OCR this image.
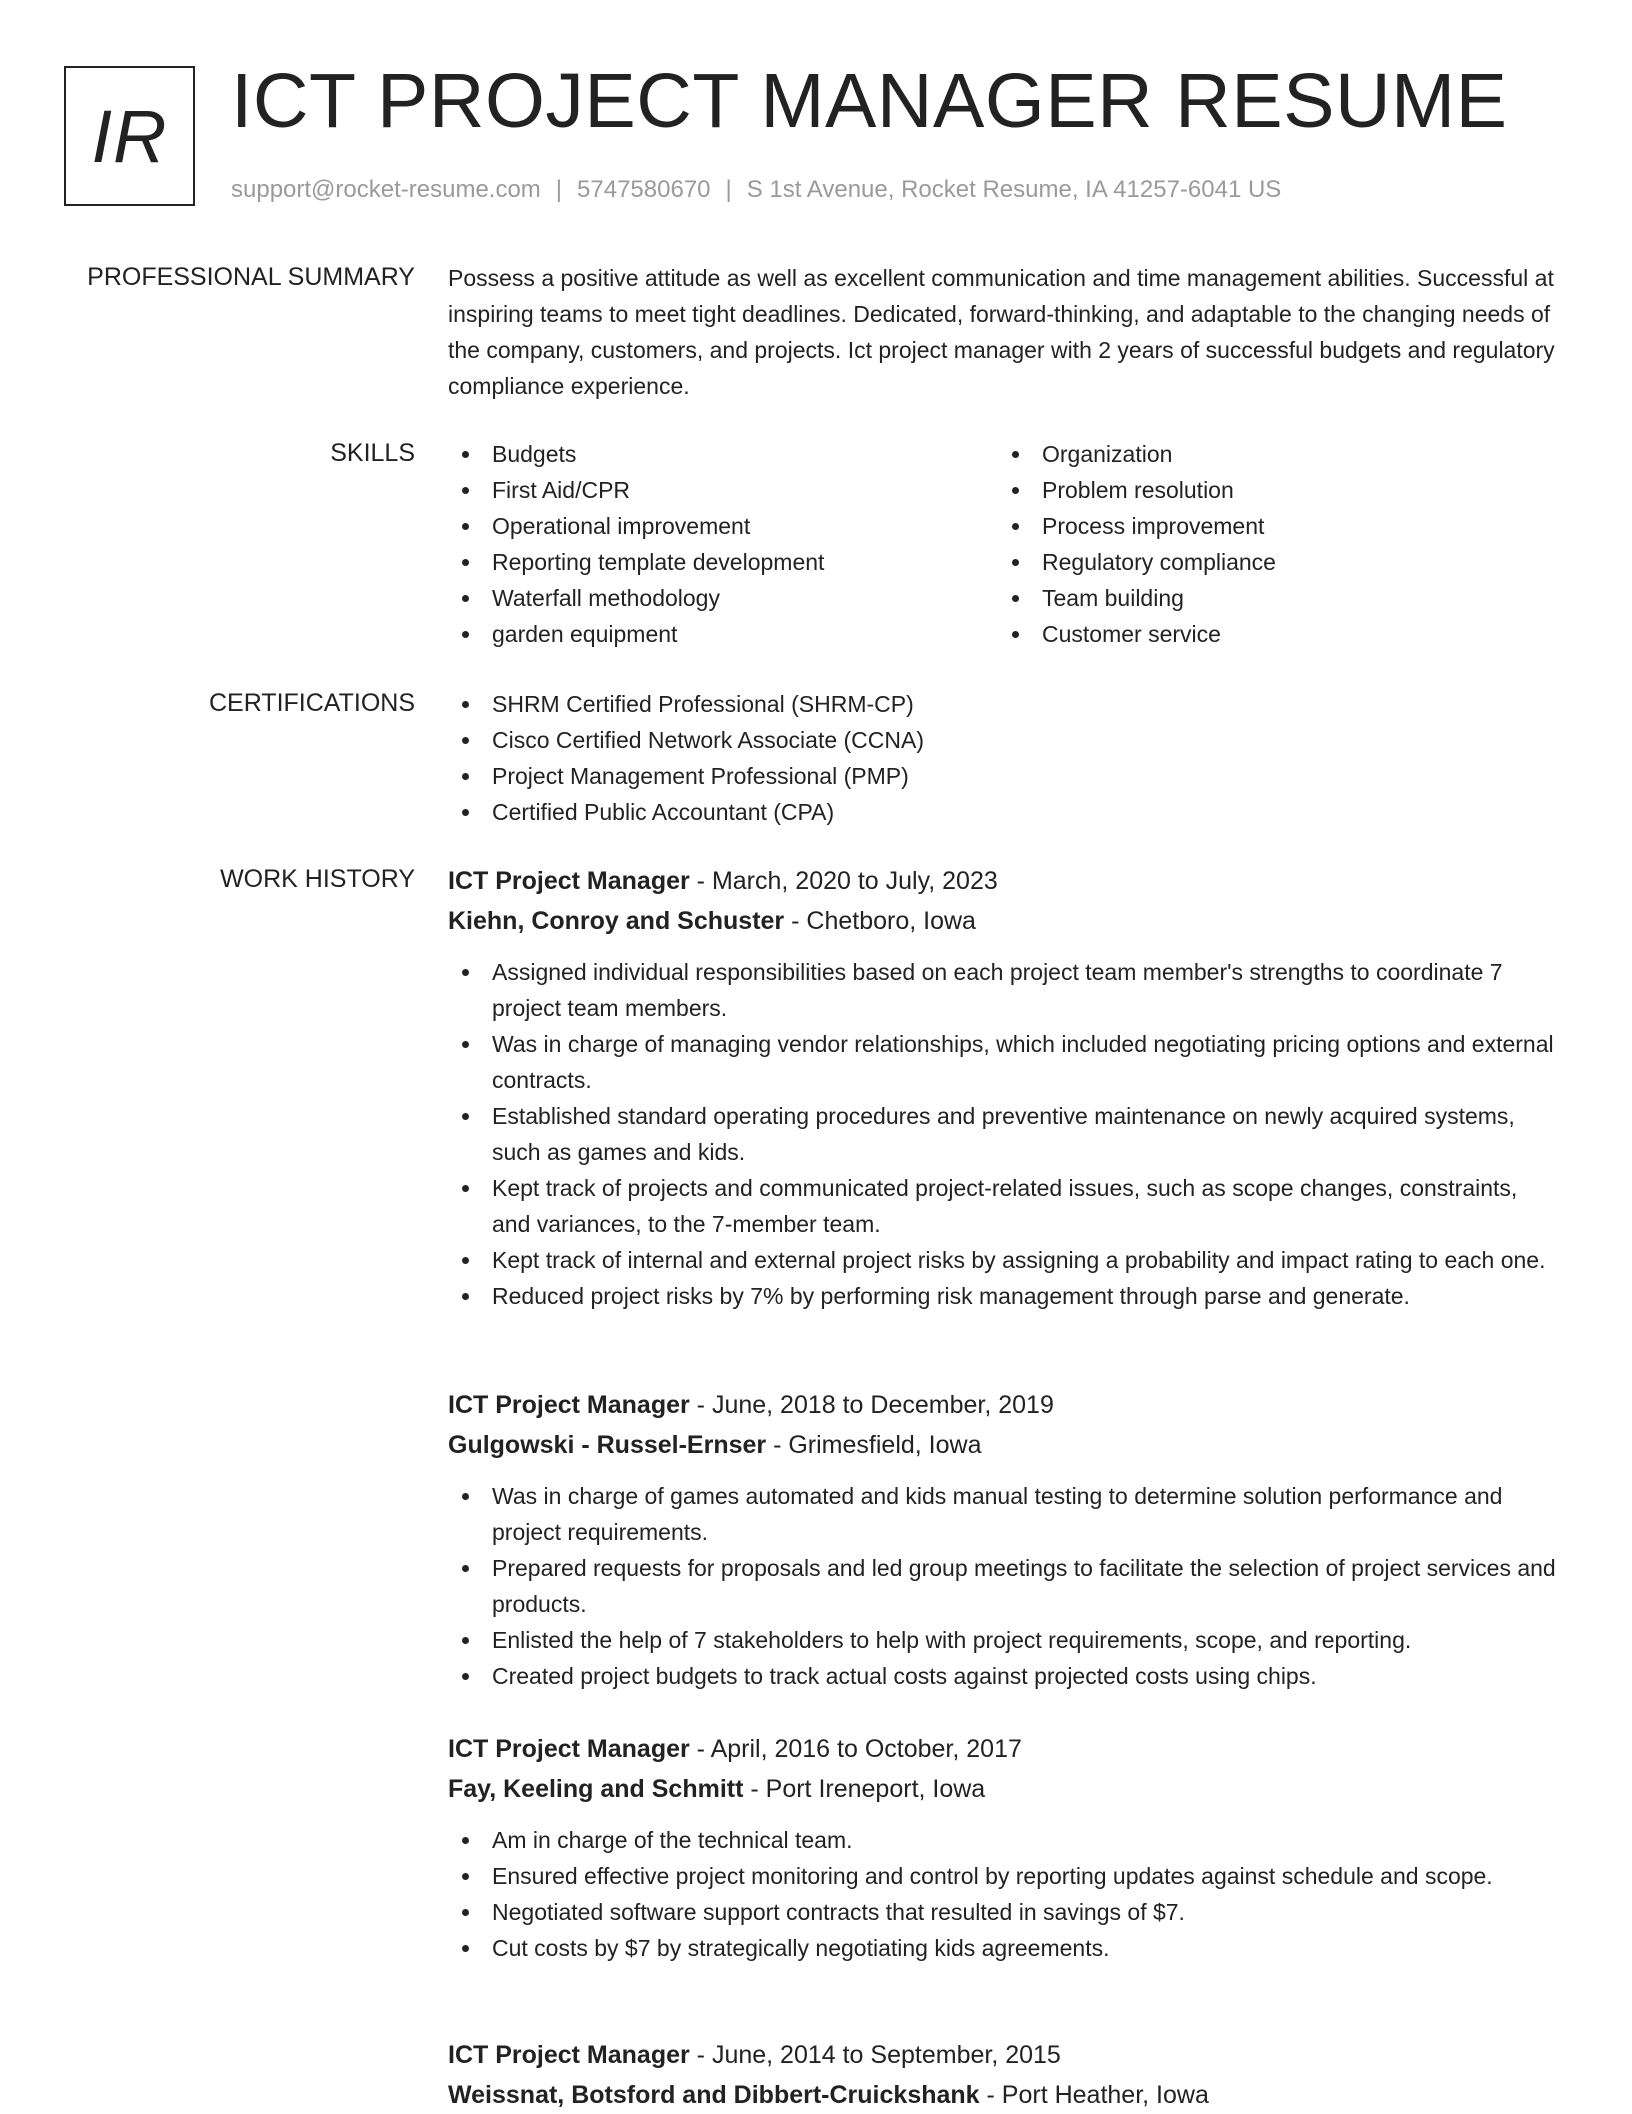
IR ICT PROJECT MANAGER RESUME
support@rocket-resume.com | 5747580670 | S 1st Avenue, Rocket Resume, IA 41257-6041 US
PROFESSIONAL SUMMARY Possess a positive attitude as well as excellent communication and time management abilities. Successful at inspiring teams to meet tight deadlines. Dedicated, forward-thinking, and adaptable to the changing needs of the company, customers, and projects. Ict project manager with 2 years of successful budgets and regulatory compliance experience.

SKILLS	Budgets
First Aid/CPR
Operational improvement
Reporting template development
Waterfall methodology
garden equipment
Organization
Problem resolution
Process improvement
Regulatory compliance
Team building
Customer service
CERTIFICATIONS	SHRM Certified Professional (SHRM-CP)
Cisco Certified Network Associate (CCNA)
Project Management Professional (PMP)
Certified Public Accountant (CPA)
WORK HISTORY ICT Project Manager - March, 2020 to July, 2023
Kiehn, Conroy and Schuster - Chetboro, Iowa
Assigned individual responsibilities based on each project team member's strengths to coordinate 7 project team members.
Was in charge of managing vendor relationships, which included negotiating pricing options and external contracts.
Established standard operating procedures and preventive maintenance on newly acquired systems, such as games and kids.
Kept track of projects and communicated project-related issues, such as scope changes, constraints, and variances, to the 7-member team.
Kept track of internal and external project risks by assigning a probability and impact rating to each one.
Reduced project risks by 7% by performing risk management through parse and generate.
ICT Project Manager - June, 2018 to December, 2019
Gulgowski - Russel-Ernser - Grimesfield, Iowa
Was in charge of games automated and kids manual testing to determine solution performance and project requirements.
Prepared requests for proposals and led group meetings to facilitate the selection of project services and products.
Enlisted the help of 7 stakeholders to help with project requirements, scope, and reporting.
Created project budgets to track actual costs against projected costs using chips.
ICT Project Manager - April, 2016 to October, 2017
Fay, Keeling and Schmitt - Port Ireneport, Iowa
Am in charge of the technical team.
Ensured effective project monitoring and control by reporting updates against schedule and scope.
Negotiated software support contracts that resulted in savings of $7.
Cut costs by $7 by strategically negotiating kids agreements.
ICT Project Manager - June, 2014 to September, 2015
Weissnat, Botsford and Dibbert-Cruickshank - Port Heather, Iowa
